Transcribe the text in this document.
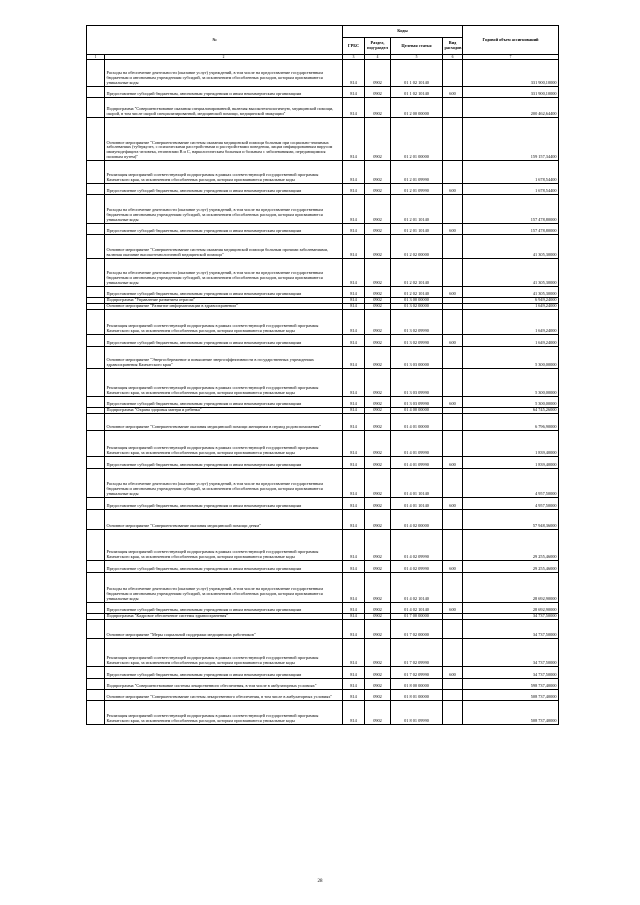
№		Коды				Годовой объем ассигнований
		ГРБС	Раздел, под-раздел	Целевая статья	Вид расходов	
1	2	3	4	5	6	7
	Расходы на обеспечение деятельности (оказание услуг) учреждений, в том числе на предоставление государственным бюджетным и автономным учреждениям субсидий, за исключением обособленных расходов, которым присваиваются уникальные коды	814	0902	01 1 02 10140		331 900,10000
	Предоставление субсидий бюджетным, автономным учреждениям и иным некоммерческим организациям	814	0902	01 1 02 10140	600	331 900,10000
	Подпрограмма "Совершенствование оказания специализированной, включая высокотехнологичную, медицинской помощи, скорой, в том числе скорой специализированной, медицинской помощи, медицинской эвакуации"	814	0902	01 2 00 00000		200 462,64400
	Основное мероприятие "Совершенствование системы оказания медицинской помощи больным при социально-значимых заболеваниях (туберкулез, с психическими расстройствами и расстройствами поведения, лицам инфицированным вирусом иммунодефицита человека, гепатитами В и С, наркологическим больным и больным с заболеваниями, передающимися половым путем)"	814	0902	01 2 01 00000		159 157,34400
	Реализация мероприятий соответствующей подпрограммы в рамках соответствующей государственной программы Камчатского края, за исключением обособленных расходов, которым присваиваются уникальные коды	814	0902	01 2 01 09990		1 678,54400
	Предоставление субсидий бюджетным, автономным учреждениям и иным некоммерческим организациям	814	0902	01 2 01 09990	600	1 678,54400
	Расходы на обеспечение деятельности (оказание услуг) учреждений, в том числе на предоставление государственным бюджетным и автономным учреждениям субсидий, за исключением обособленных расходов, которым присваиваются уникальные коды	814	0902	01 2 01 10140		157 478,80000
	Предоставление субсидий бюджетным, автономным учреждениям и иным некоммерческим организациям	814	0902	01 2 01 10140	600	157 478,80000
	Основное мероприятие "Совершенствование системы оказания медицинской помощи больным прочими заболеваниями, включая оказание высокотехнологичной медицинской помощи"	814	0902	01 2 02 00000		41 305,30000
	Расходы на обеспечение деятельности (оказание услуг) учреждений, в том числе на предоставление государственным бюджетным и автономным учреждениям субсидий, за исключением обособленных расходов, которым присваиваются уникальные коды	814	0902	01 2 02 10140		41 305,30000
	Предоставление субсидий бюджетным, автономным учреждениям и иным некоммерческим организациям	814	0902	01 2 02 10140	600	41 305,30000
	Подпрограмма "Управление развитием отрасли"	814	0902	01 3 00 00000		6 949,24000
	Основное мероприятие "Развитие информатизации в здравоохранении"	814	0902	01 3 02 00000		1 649,24000
	Реализация мероприятий соответствующей подпрограммы в рамках соответствующей государственной программы Камчатского края, за исключением обособленных расходов, которым присваиваются уникальные коды	814	0902	01 3 02 09990		1 649,24000
	Предоставление субсидий бюджетным, автономным учреждениям и иным некоммерческим организациям	814	0902	01 3 02 09990	600	1 649,24000
	Основное мероприятие "Энергосбережение и повышение энергоэффективности в государственных учреждениях здравоохранения Камчатского края"	814	0902	01 3 03 00000		5 300,00000
	Реализация мероприятий соответствующей подпрограммы в рамках соответствующей государственной программы Камчатского края, за исключением обособленных расходов, которым присваиваются уникальные коды	814	0902	01 3 03 09990		5 300,00000
	Предоставление субсидий бюджетным, автономным учреждениям и иным некоммерческим организациям	814	0902	01 3 03 09990	600	5 300,00000
	Подпрограмма "Охрана здоровья матери и ребенка"	814	0902	01 4 00 00000		64 745,26000
	Основное мероприятие "Совершенствование оказания медицинской помощи женщинам в период родовспоможения"	814	0902	01 4 01 00000		6 796,90000
	Реализация мероприятий соответствующей подпрограммы в рамках соответствующей государственной программы Камчатского края, за исключением обособленных расходов, которым присваиваются уникальные коды	814	0902	01 4 01 09990		1 839,40000
	Предоставление субсидий бюджетным, автономным учреждениям и иным некоммерческим организациям	814	0902	01 4 01 09990	600	1 839,40000
	Расходы на обеспечение деятельности (оказание услуг) учреждений, в том числе на предоставление государственным бюджетным и автономным учреждениям субсидий, за исключением обособленных расходов, которым присваиваются уникальные коды	814	0902	01 4 01 10140		4 957,50000
	Предоставление субсидий бюджетным, автономным учреждениям и иным некоммерческим организациям	814	0902	01 4 01 10140	600	4 957,50000
	Основное мероприятие "Совершенствование оказания медицинской помощи детям"	814	0902	01 4 02 00000		57 948,36000
	Реализация мероприятий соответствующей подпрограммы в рамках соответствующей государственной программы Камчатского края, за исключением обособленных расходов, которым присваиваются уникальные коды	814	0902	01 4 02 09990		29 255,46000
	Предоставление субсидий бюджетным, автономным учреждениям и иным некоммерческим организациям	814	0902	01 4 02 09990	600	29 255,46000
	Расходы на обеспечение деятельности (оказание услуг) учреждений, в том числе на предоставление государственным бюджетным и автономным учреждениям субсидий, за исключением обособленных расходов, которым присваиваются уникальные коды	814	0902	01 4 02 10140		28 692,90000
	Предоставление субсидий бюджетным, автономным учреждениям и иным некоммерческим организациям	814	0902	01 4 02 10140	600	28 692,90000
	Подпрограмма "Кадровое обеспечение системы здравоохранения"	814	0902	01 7 00 00000		34 737,50000
	Основное мероприятие "Меры социальной поддержки медицинских работников"	814	0902	01 7 02 00000		34 737,50000
	Реализация мероприятий соответствующей подпрограммы в рамках соответствующей государственной программы Камчатского края, за исключением обособленных расходов, которым присваиваются уникальные коды	814	0902	01 7 02 09990		34 737,50000
	Предоставление субсидий бюджетным, автономным учреждениям и иным некоммерческим организациям	814	0902	01 7 02 09990	600	34 737,50000
	Подпрограмма "Совершенствование системы лекарственного обеспечения, в том числе в амбулаторных условиях"	814	0902	01 8 00 00000		598 737,40000
	Основное мероприятие "Совершенствование системы лекарственного обеспечения, в том числе в амбулаторных условиях"	814	0902	01 8 01 00000		508 737,40000
	Реализация мероприятий соответствующей подпрограммы в рамках соответствующей государственной программы Камчатского края, за исключением обособленных расходов, которым присваиваются уникальные коды	814	0902	01 8 01 09990		508 737,40000
28
